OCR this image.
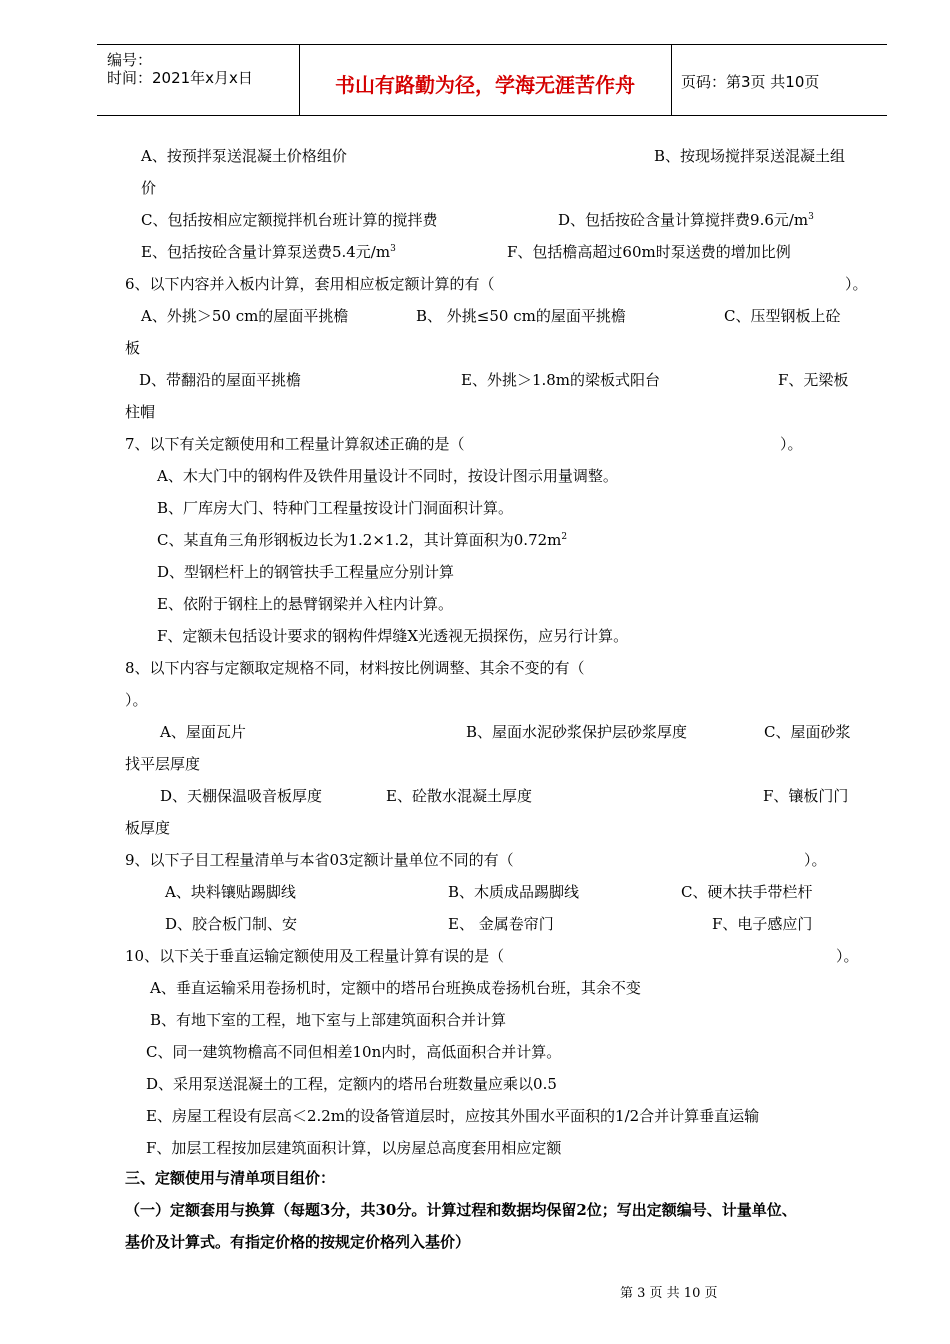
编号：
时间：2021年x月x日	书山有路勤为径，学海无涯苦作舟	页码：第3页 共10页
A、按预拌泵送混凝土价格组价	B、按现场搅拌泵送混凝土组
价
C、包括按相应定额搅拌机台班计算的搅拌费	D、包括按砼含量计算搅拌费9.6元$/m^3$
E、包括按砼含量计算泵送费5.4元$/m^3$	F、包括檐高超过60m时泵送费的增加比例
6、以下内容并入板内计算，套用相应板定额计算的有（	）。
A、外挑＞50 cm的屋面平挑檐	B、 外挑≤50 cm的屋面平挑檐	C、压型钢板上砼
板
D、带翻沿的屋面平挑檐	E、外挑＞1.8m的梁板式阳台	F、无梁板
柱帽
7、以下有关定额使用和工程量计算叙述正确的是（	）。
A、木大门中的钢构件及铁件用量设计不同时，按设计图示用量调整。
B、厂库房大门、特种门工程量按设计门洞面积计算。
C、某直角三角形钢板边长为1.2×1.2，其计算面积为$0.72m^2$
D、型钢栏杆上的钢管扶手工程量应分别计算
E、依附于钢柱上的悬臂钢梁并入柱内计算。
F、定额未包括设计要求的钢构件焊缝X光透视无损探伤，应另行计算。
8、以下内容与定额取定规格不同，材料按比例调整、其余不变的有（
）。
A、屋面瓦片	B、屋面水泥砂浆保护层砂浆厚度	C、屋面砂浆
找平层厚度
D、天棚保温吸音板厚度	E、砼散水混凝土厚度	F、镶板门门
板厚度
9、以下子目工程量清单与本省03定额计量单位不同的有（	）。
A、块料镶贴踢脚线	B、木质成品踢脚线	C、硬木扶手带栏杆
D、胶合板门制、安	E、 金属卷帘门	F、电子感应门
10、以下关于垂直运输定额使用及工程量计算有误的是（	）。
A、垂直运输采用卷扬机时，定额中的塔吊台班换成卷扬机台班，其余不变
B、有地下室的工程，地下室与上部建筑面积合并计算
C、同一建筑物檐高不同但相差10n内时，高低面积合并计算。
D、采用泵送混凝土的工程，定额内的塔吊台班数量应乘以0.5
E、房屋工程设有层高＜2.2m的设备管道层时，应按其外围水平面积的1/2合并计算垂直运输
F、加层工程按加层建筑面积计算，以房屋总高度套用相应定额
三、定额使用与清单项目组价：
（一）定额套用与换算（每题3分，共30分。计算过程和数据均保留2位；写出定额编号、计量单位、
基价及计算式。有指定价格的按规定价格列入基价）
第 3 页 共 10 页
